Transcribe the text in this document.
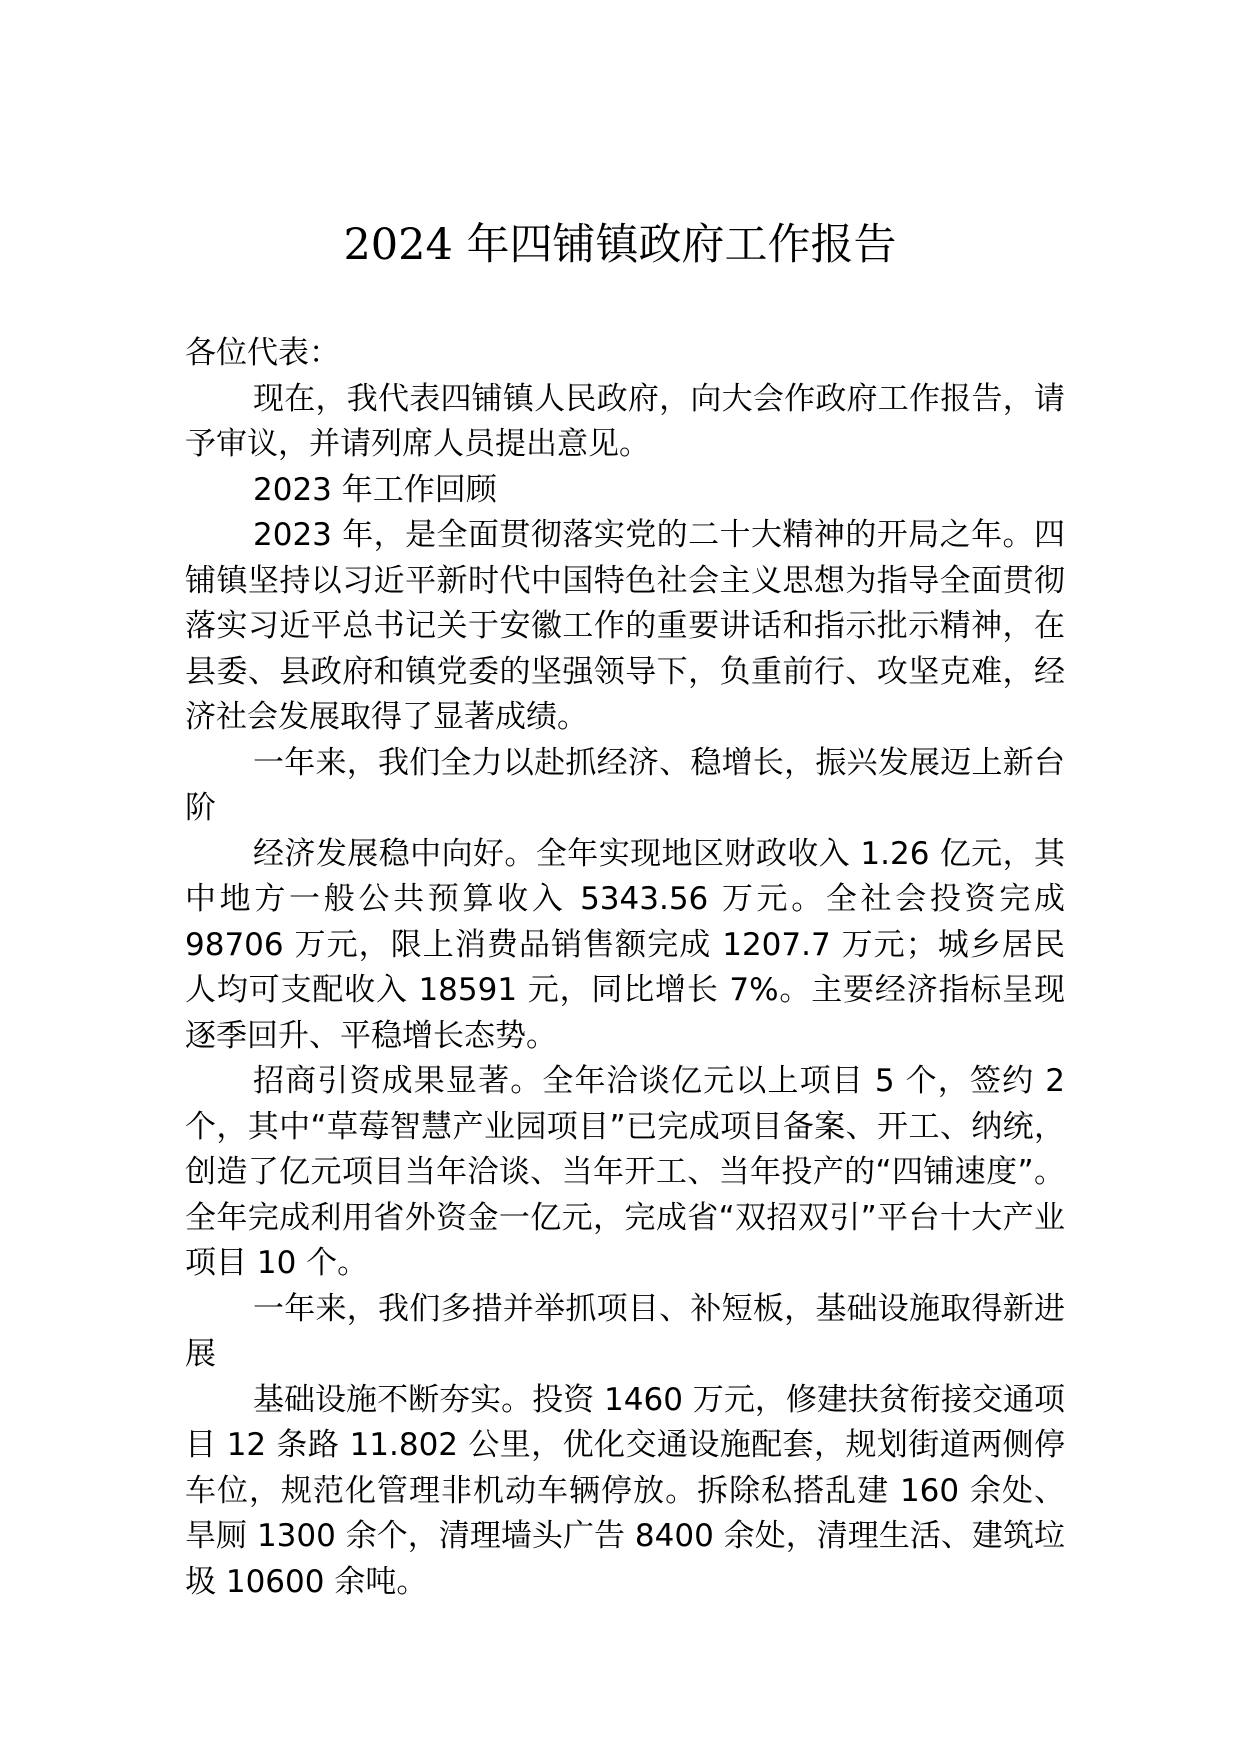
2024 年四铺镇政府工作报告

各位代表：

现在，我代表四铺镇人民政府，向大会作政府工作报告，请予审议，并请列席人员提出意见。

2023 年工作回顾

2023 年，是全面贯彻落实党的二十大精神的开局之年。四铺镇坚持以习近平新时代中国特色社会主义思想为指导全面贯彻落实习近平总书记关于安徽工作的重要讲话和指示批示精神，在县委、县政府和镇党委的坚强领导下，负重前行、攻坚克难，经济社会发展取得了显著成绩。

一年来，我们全力以赴抓经济、稳增长，振兴发展迈上新台阶

经济发展稳中向好。全年实现地区财政收入 1.26 亿元，其中地方一般公共预算收入 5343.56 万元。全社会投资完成 98706 万元，限上消费品销售额完成 1207.7 万元；城乡居民人均可支配收入 18591 元，同比增长 7%。主要经济指标呈现逐季回升、平稳增长态势。

招商引资成果显著。全年洽谈亿元以上项目 5 个，签约 2 个，其中“草莓智慧产业园项目”已完成项目备案、开工、纳统，创造了亿元项目当年洽谈、当年开工、当年投产的“四铺速度”。全年完成利用省外资金一亿元，完成省“双招双引”平台十大产业项目 10 个。

一年来，我们多措并举抓项目、补短板，基础设施取得新进展

基础设施不断夯实。投资 1460 万元，修建扶贫衔接交通项目 12 条路 11.802 公里，优化交通设施配套，规划街道两侧停车位，规范化管理非机动车辆停放。拆除私搭乱建 160 余处、旱厕 1300 余个，清理墙头广告 8400 余处，清理生活、建筑垃圾 10600 余吨。
